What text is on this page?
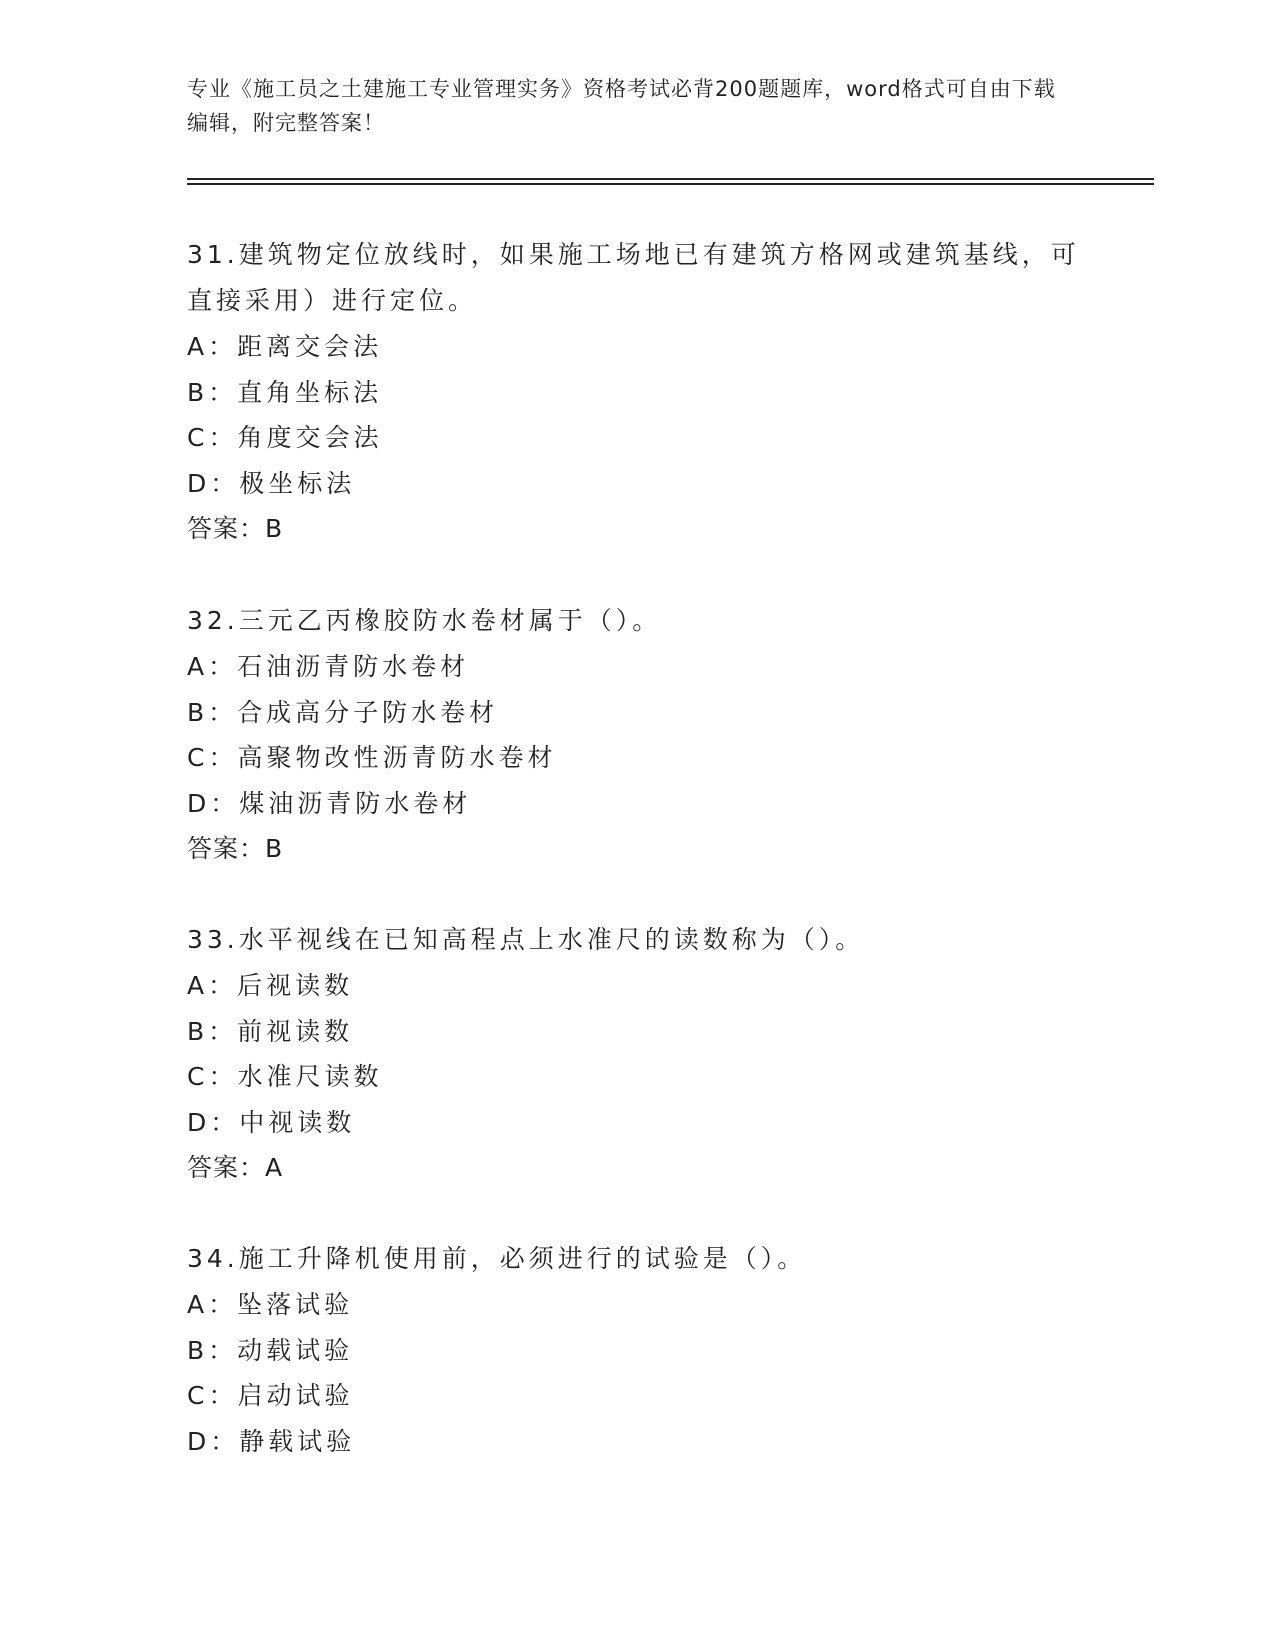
专业《施工员之土建施工专业管理实务》资格考试必背200题题库，word格式可自由下载编辑，附完整答案！

31.建筑物定位放线时，如果施工场地已有建筑方格网或建筑基线，可直接采用）进行定位。

A：距离交会法

B：直角坐标法

C：角度交会法

D：极坐标法

答案：B

32.三元乙丙橡胶防水卷材属于（）。

A：石油沥青防水卷材

B：合成高分子防水卷材

C：高聚物改性沥青防水卷材

D：煤油沥青防水卷材

答案：B

33.水平视线在已知高程点上水准尺的读数称为（）。

A：后视读数

B：前视读数

C：水准尺读数

D：中视读数

答案：A

34.施工升降机使用前，必须进行的试验是（）。

A：坠落试验

B：动载试验

C：启动试验

D：静载试验
